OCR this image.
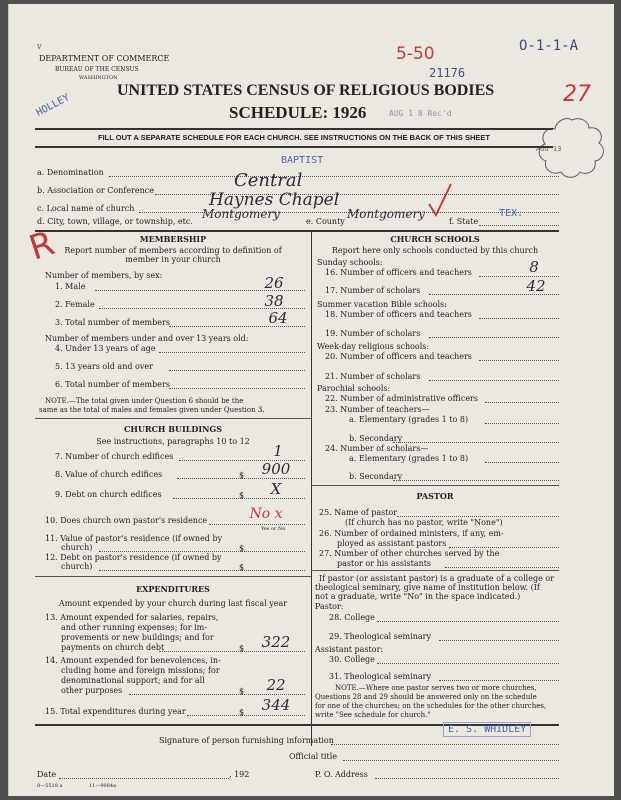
DEPARTMENT OF COMMERCE
BUREAU OF THE CENSUS
WASHINGTON
HOLLEY
v
UNITED STATES CENSUS OF RELIGIOUS BODIES
SCHEDULE: 1926	AUG 1 8 Rec'd
5-50
21176
O-1-1-A
27
AUG 13
FILL OUT A SEPARATE SCHEDULE FOR EACH CHURCH. SEE INSTRUCTIONS ON THE BACK OF THIS SHEET
a. Denomination
BAPTIST
b. Association or Conference	Central
c. Local name of church	Haynes Chapel
d. City, town, village, or township, etc.
Montgomery
e. County
Montgomery
f. State
TEX.
R	MEMBERSHIP
Report number of members according to definition of
member in your church
Number of members, by sex:
1. Male	26
2. Female	38
3. Total number of members	64
Number of members under and over 13 years old:
4. Under 13 years of age
5. 13 years old and over
6. Total number of members
NOTE.—The total given under Question 6 should be the
same as the total of males and females given under Question 3.
CHURCH BUILDINGS
See instructions, paragraphs 10 to 12
7. Number of church edifices	1
8. Value of church edifices	$	900
9. Debt on church edifices	$	X
10. Does church own pastor's residence	No x
Yes or No
11. Value of pastor's residence (if owned by
church)	$
12. Debt on pastor's residence (if owned by
church)	$
EXPENDITURES
Amount expended by your church during last fiscal year
13. Amount expended for salaries, repairs,
and other running expenses; for im-
provements or new buildings; and for
payments on church debt	$	322
14. Amount expended for benevolences, in-
cluding home and foreign missions; for
denominational support; and for all
other purposes	$	22
15. Total expenditures during year	$	344
CHURCH SCHOOLS
Report here only schools conducted by this church
Sunday schools:
16. Number of officers and teachers	8
17. Number of scholars	42
Summer vacation Bible schools:
18. Number of officers and teachers
19. Number of scholars
Week-day religious schools:
20. Number of officers and teachers
21. Number of scholars
Parochial schools:
22. Number of administrative officers
23. Number of teachers—
a. Elementary (grades 1 to 8)
b. Secondary
24. Number of scholars—
a. Elementary (grades 1 to 8)
b. Secondary
PASTOR
25. Name of pastor
(If church has no pastor, write "None")
26. Number of ordained ministers, if any, em-
ployed as assistant pastors
27. Number of other churches served by the
pastor or his assistants
If pastor (or assistant pastor) is a graduate of a college or
theological seminary, give name of institution below. (If
not a graduate, write "No" in the space indicated.)
Pastor:
28. College
29. Theological seminary
Assistant pastor:
30. College
31. Theological seminary
NOTE.—Where one pastor serves two or more churches,
Questions 28 and 29 should be answered only on the schedule
for one of the churches; on the schedules for the other churches,
write "See schedule for church."
Signature of person furnishing information
E. S. WHIDLEY
Official title
Date	, 192	P. O. Address
8—5518 a	11—9084a
